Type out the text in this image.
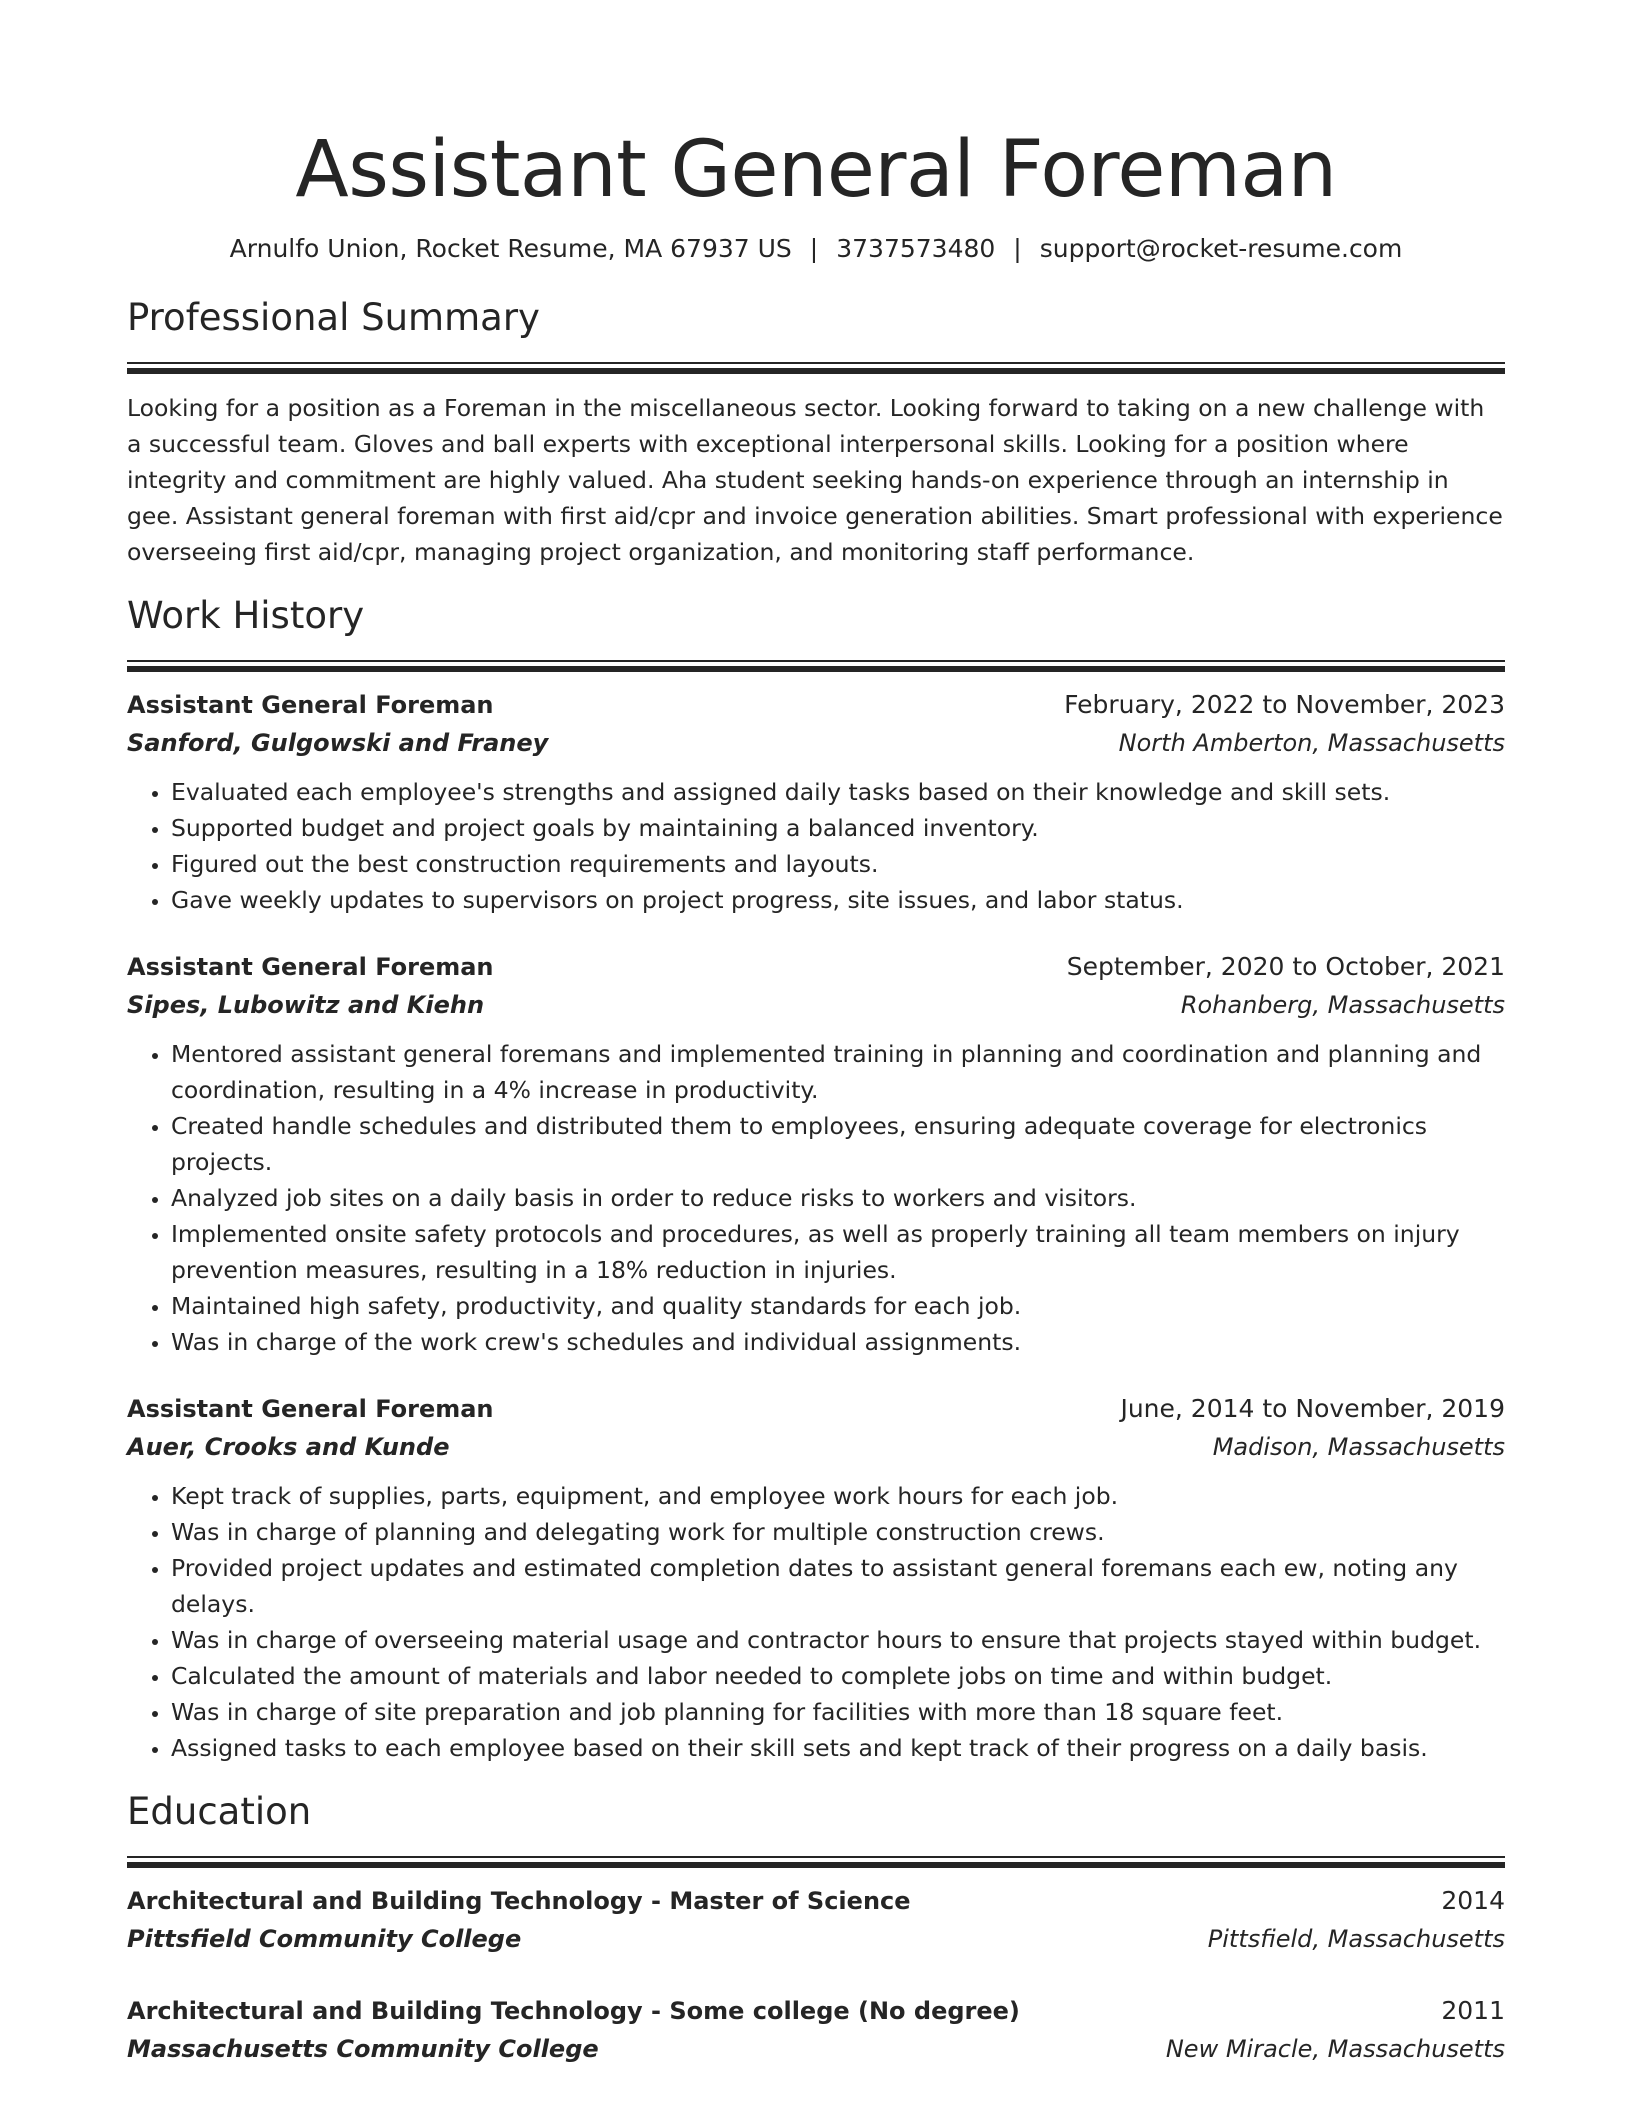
Assistant General Foreman
Arnulfo Union, Rocket Resume, MA 67937 US | 3737573480 | support@rocket-resume.com
Professional Summary
Looking for a position as a Foreman in the miscellaneous sector. Looking forward to taking on a new challenge with a successful team. Gloves and ball experts with exceptional interpersonal skills. Looking for a position where integrity and commitment are highly valued. Aha student seeking hands-on experience through an internship in gee. Assistant general foreman with first aid/cpr and invoice generation abilities. Smart professional with experience overseeing first aid/cpr, managing project organization, and monitoring staff performance.
Work History
Assistant General Foreman	February, 2022 to November, 2023
Sanford, Gulgowski and Franey	North Amberton, Massachusetts
• Evaluated each employee's strengths and assigned daily tasks based on their knowledge and skill sets.
• Supported budget and project goals by maintaining a balanced inventory.
• Figured out the best construction requirements and layouts.
• Gave weekly updates to supervisors on project progress, site issues, and labor status.
Assistant General Foreman	September, 2020 to October, 2021
Sipes, Lubowitz and Kiehn	Rohanberg, Massachusetts
• Mentored assistant general foremans and implemented training in planning and coordination and planning and coordination, resulting in a 4% increase in productivity.
• Created handle schedules and distributed them to employees, ensuring adequate coverage for electronics projects.
• Analyzed job sites on a daily basis in order to reduce risks to workers and visitors.
• Implemented onsite safety protocols and procedures, as well as properly training all team members on injury prevention measures, resulting in a 18% reduction in injuries.
• Maintained high safety, productivity, and quality standards for each job.
• Was in charge of the work crew's schedules and individual assignments.
Assistant General Foreman	June, 2014 to November, 2019
Auer, Crooks and Kunde	Madison, Massachusetts
• Kept track of supplies, parts, equipment, and employee work hours for each job.
• Was in charge of planning and delegating work for multiple construction crews.
• Provided project updates and estimated completion dates to assistant general foremans each ew, noting any delays.
• Was in charge of overseeing material usage and contractor hours to ensure that projects stayed within budget.
• Calculated the amount of materials and labor needed to complete jobs on time and within budget.
• Was in charge of site preparation and job planning for facilities with more than 18 square feet.
• Assigned tasks to each employee based on their skill sets and kept track of their progress on a daily basis.
Education
Architectural and Building Technology - Master of Science	2014
Pittsfield Community College	Pittsfield, Massachusetts
Architectural and Building Technology - Some college (No degree)	2011
Massachusetts Community College	New Miracle, Massachusetts
